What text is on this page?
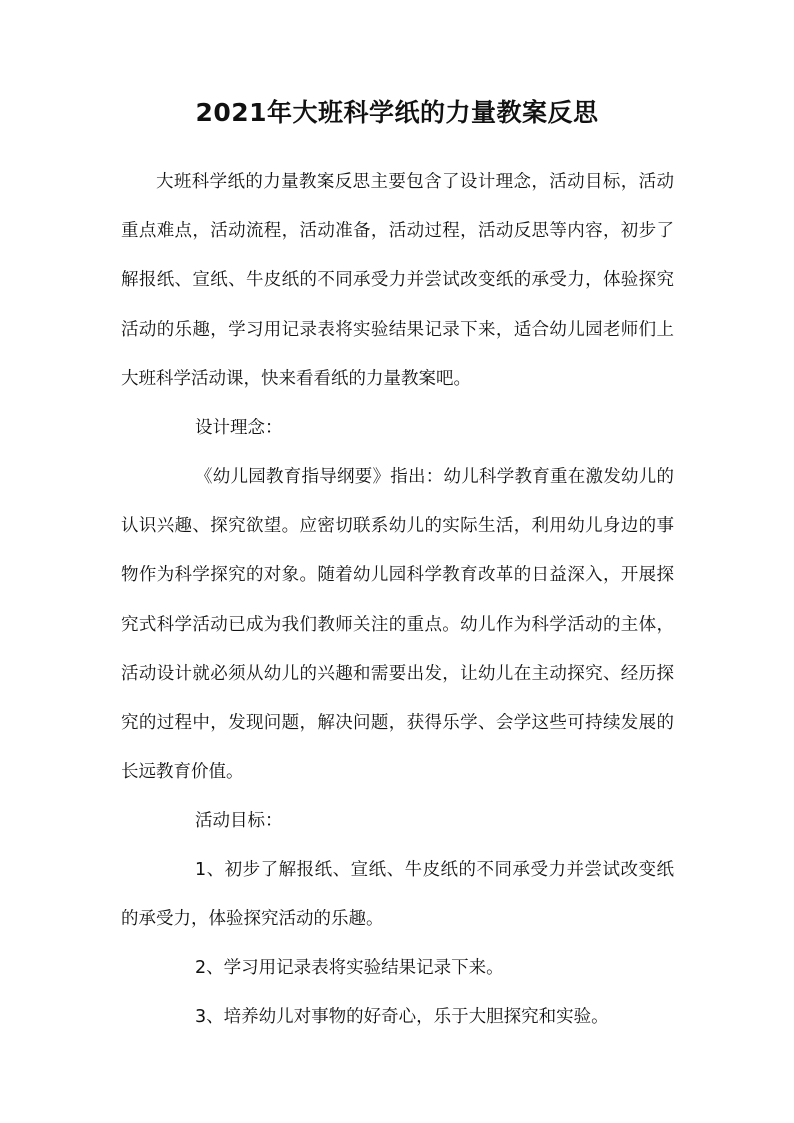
2021年大班科学纸的力量教案反思

大班科学纸的力量教案反思主要包含了设计理念，活动目标，活动重点难点，活动流程，活动准备，活动过程，活动反思等内容，初步了解报纸、宣纸、牛皮纸的不同承受力并尝试改变纸的承受力，体验探究活动的乐趣，学习用记录表将实验结果记录下来，适合幼儿园老师们上大班科学活动课，快来看看纸的力量教案吧。

设计理念：

《幼儿园教育指导纲要》指出：幼儿科学教育重在激发幼儿的认识兴趣、探究欲望。应密切联系幼儿的实际生活，利用幼儿身边的事物作为科学探究的对象。随着幼儿园科学教育改革的日益深入，开展探究式科学活动已成为我们教师关注的重点。幼儿作为科学活动的主体，活动设计就必须从幼儿的兴趣和需要出发，让幼儿在主动探究、经历探究的过程中，发现问题，解决问题，获得乐学、会学这些可持续发展的长远教育价值。

活动目标：

1、初步了解报纸、宣纸、牛皮纸的不同承受力并尝试改变纸的承受力，体验探究活动的乐趣。

2、学习用记录表将实验结果记录下来。

3、培养幼儿对事物的好奇心，乐于大胆探究和实验。
